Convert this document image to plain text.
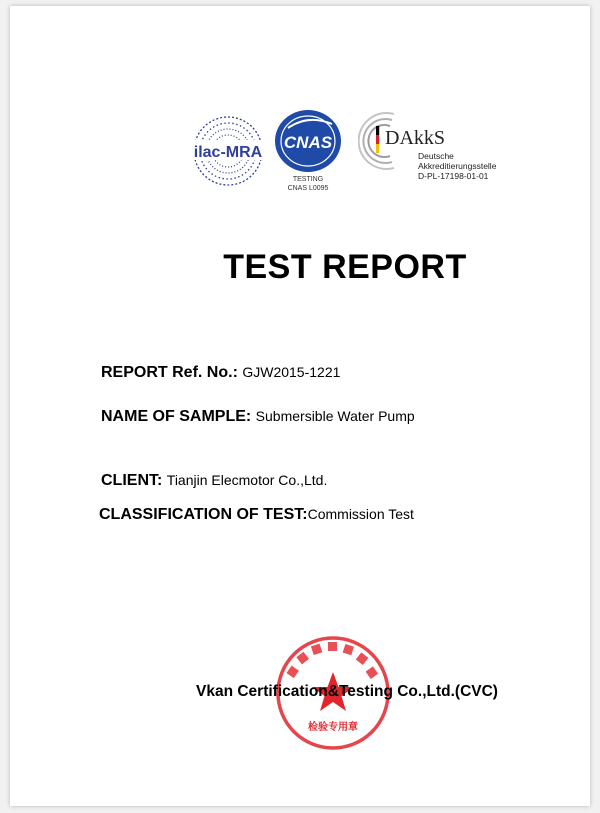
ilac-MRA
CNAS
TESTING
CNAS L0095
DAkkS
Deutsche
Akkreditierungsstelle
D-PL-17198-01-01
TEST REPORT
REPORT Ref. No.: GJW2015-1221
NAME OF SAMPLE: Submersible Water Pump
CLIENT: Tianjin Elecmotor Co.,Ltd.
CLASSIFICATION OF TEST:Commission Test
检验专用章
Vkan Certification&Testing Co.,Ltd.(CVC)
